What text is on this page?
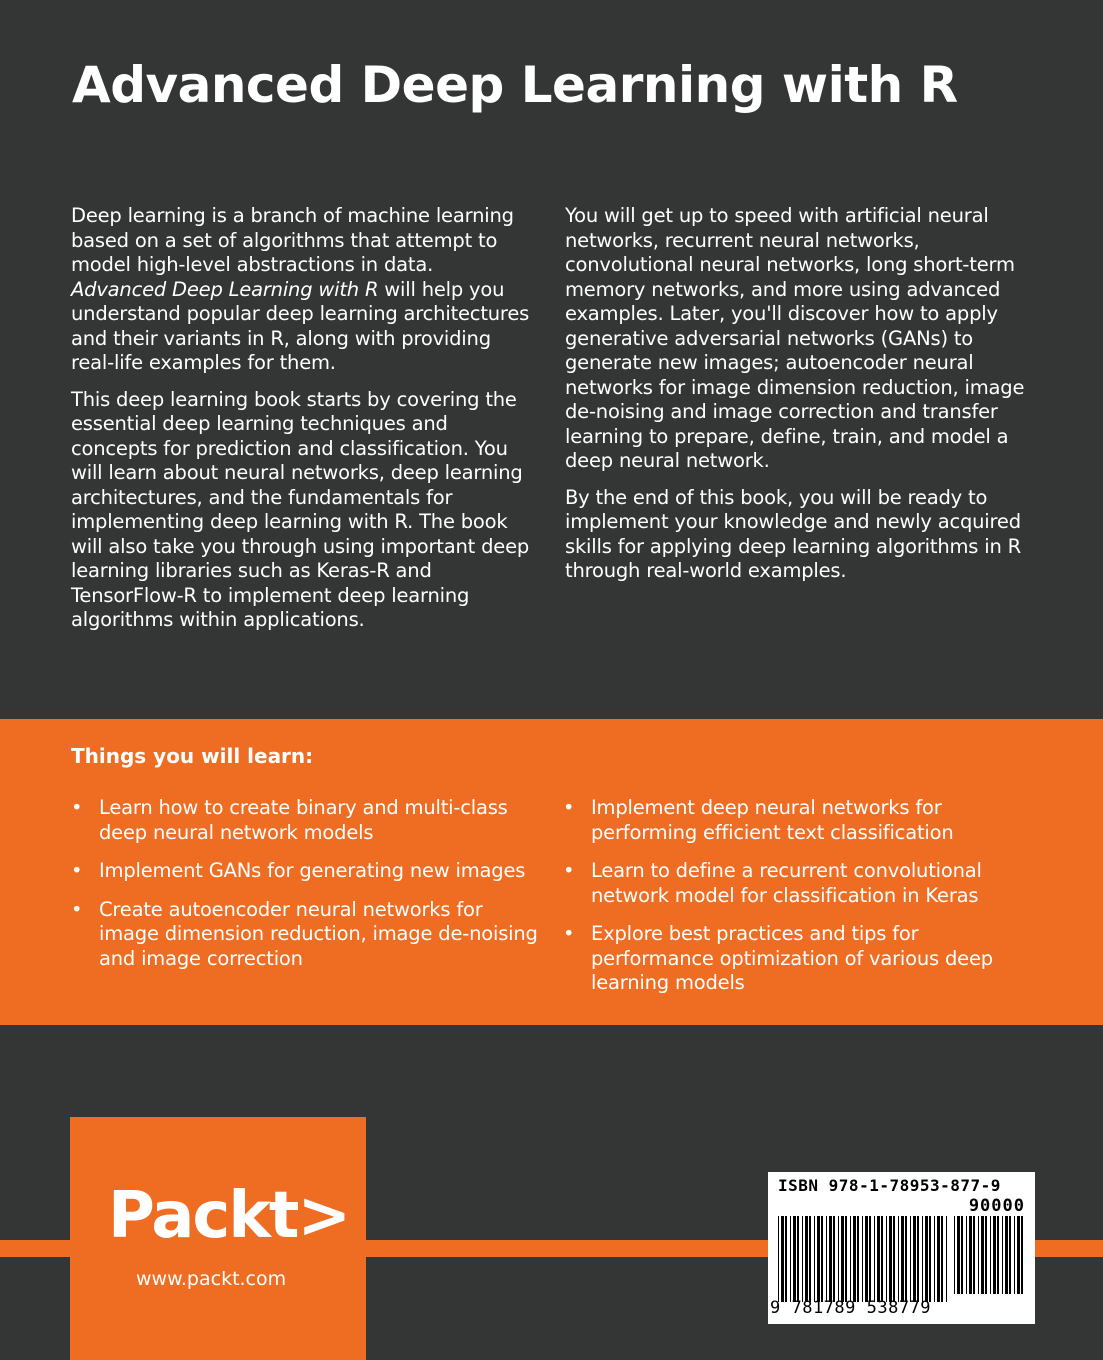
Advanced Deep Learning with R

Deep learning is a branch of machine learning based on a set of algorithms that attempt to model high-level abstractions in data. Advanced Deep Learning with R will help you understand popular deep learning architectures and their variants in R, along with providing real-life examples for them.

This deep learning book starts by covering the essential deep learning techniques and concepts for prediction and classification. You will learn about neural networks, deep learning architectures, and the fundamentals for implementing deep learning with R. The book will also take you through using important deep learning libraries such as Keras-R and TensorFlow-R to implement deep learning algorithms within applications.

You will get up to speed with artificial neural networks, recurrent neural networks, convolutional neural networks, long short-term memory networks, and more using advanced examples. Later, you'll discover how to apply generative adversarial networks (GANs) to generate new images; autoencoder neural networks for image dimension reduction, image de-noising and image correction and transfer learning to prepare, define, train, and model a deep neural network.

By the end of this book, you will be ready to implement your knowledge and newly acquired skills for applying deep learning algorithms in R through real-world examples.

Things you will learn:
• Learn how to create binary and multi-class deep neural network models
• Implement GANs for generating new images
• Create autoencoder neural networks for image dimension reduction, image de-noising and image correction
• Implement deep neural networks for performing efficient text classification
• Learn to define a recurrent convolutional network model for classification in Keras
• Explore best practices and tips for performance optimization of various deep learning models
Packt>
www.packt.com
ISBN 978-1-78953-877-9
90000
9 781789 538779
